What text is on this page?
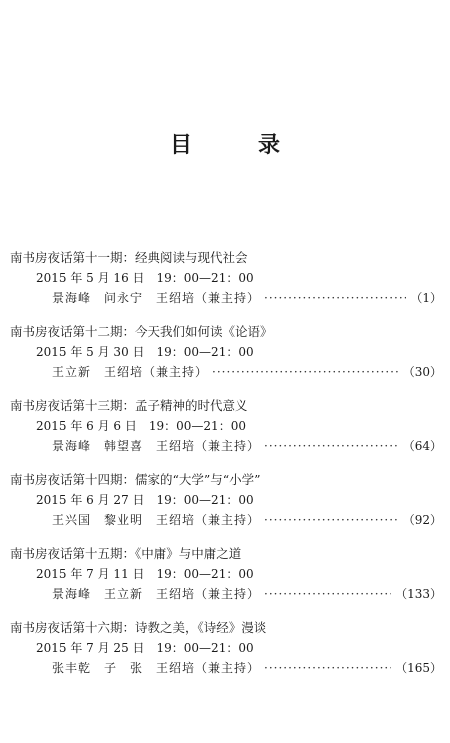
目　录
南书房夜话第十一期：经典阅读与现代社会
2015 年 5 月 16 日　19：00—21：00
景海峰　问永宁　王绍培（兼主持） ·····	（1）
南书房夜话第十二期：今天我们如何读《论语》
2015 年 5 月 30 日　19：00—21：00
王立新　王绍培（兼主持） ·····	（30）
南书房夜话第十三期：孟子精神的时代意义
2015 年 6 月 6 日　19：00—21：00
景海峰　韩望喜　王绍培（兼主持） ·····	（64）
南书房夜话第十四期：儒家的“大学”与“小学”
2015 年 6 月 27 日　19：00—21：00
王兴国　黎业明　王绍培（兼主持） ·····	（92）
南书房夜话第十五期：《中庸》与中庸之道
2015 年 7 月 11 日　19：00—21：00
景海峰　王立新　王绍培（兼主持） ·····	（133）
南书房夜话第十六期：诗教之美，《诗经》漫谈
2015 年 7 月 25 日　19：00—21：00
张丰乾　子　张　王绍培（兼主持） ·····	（165）
